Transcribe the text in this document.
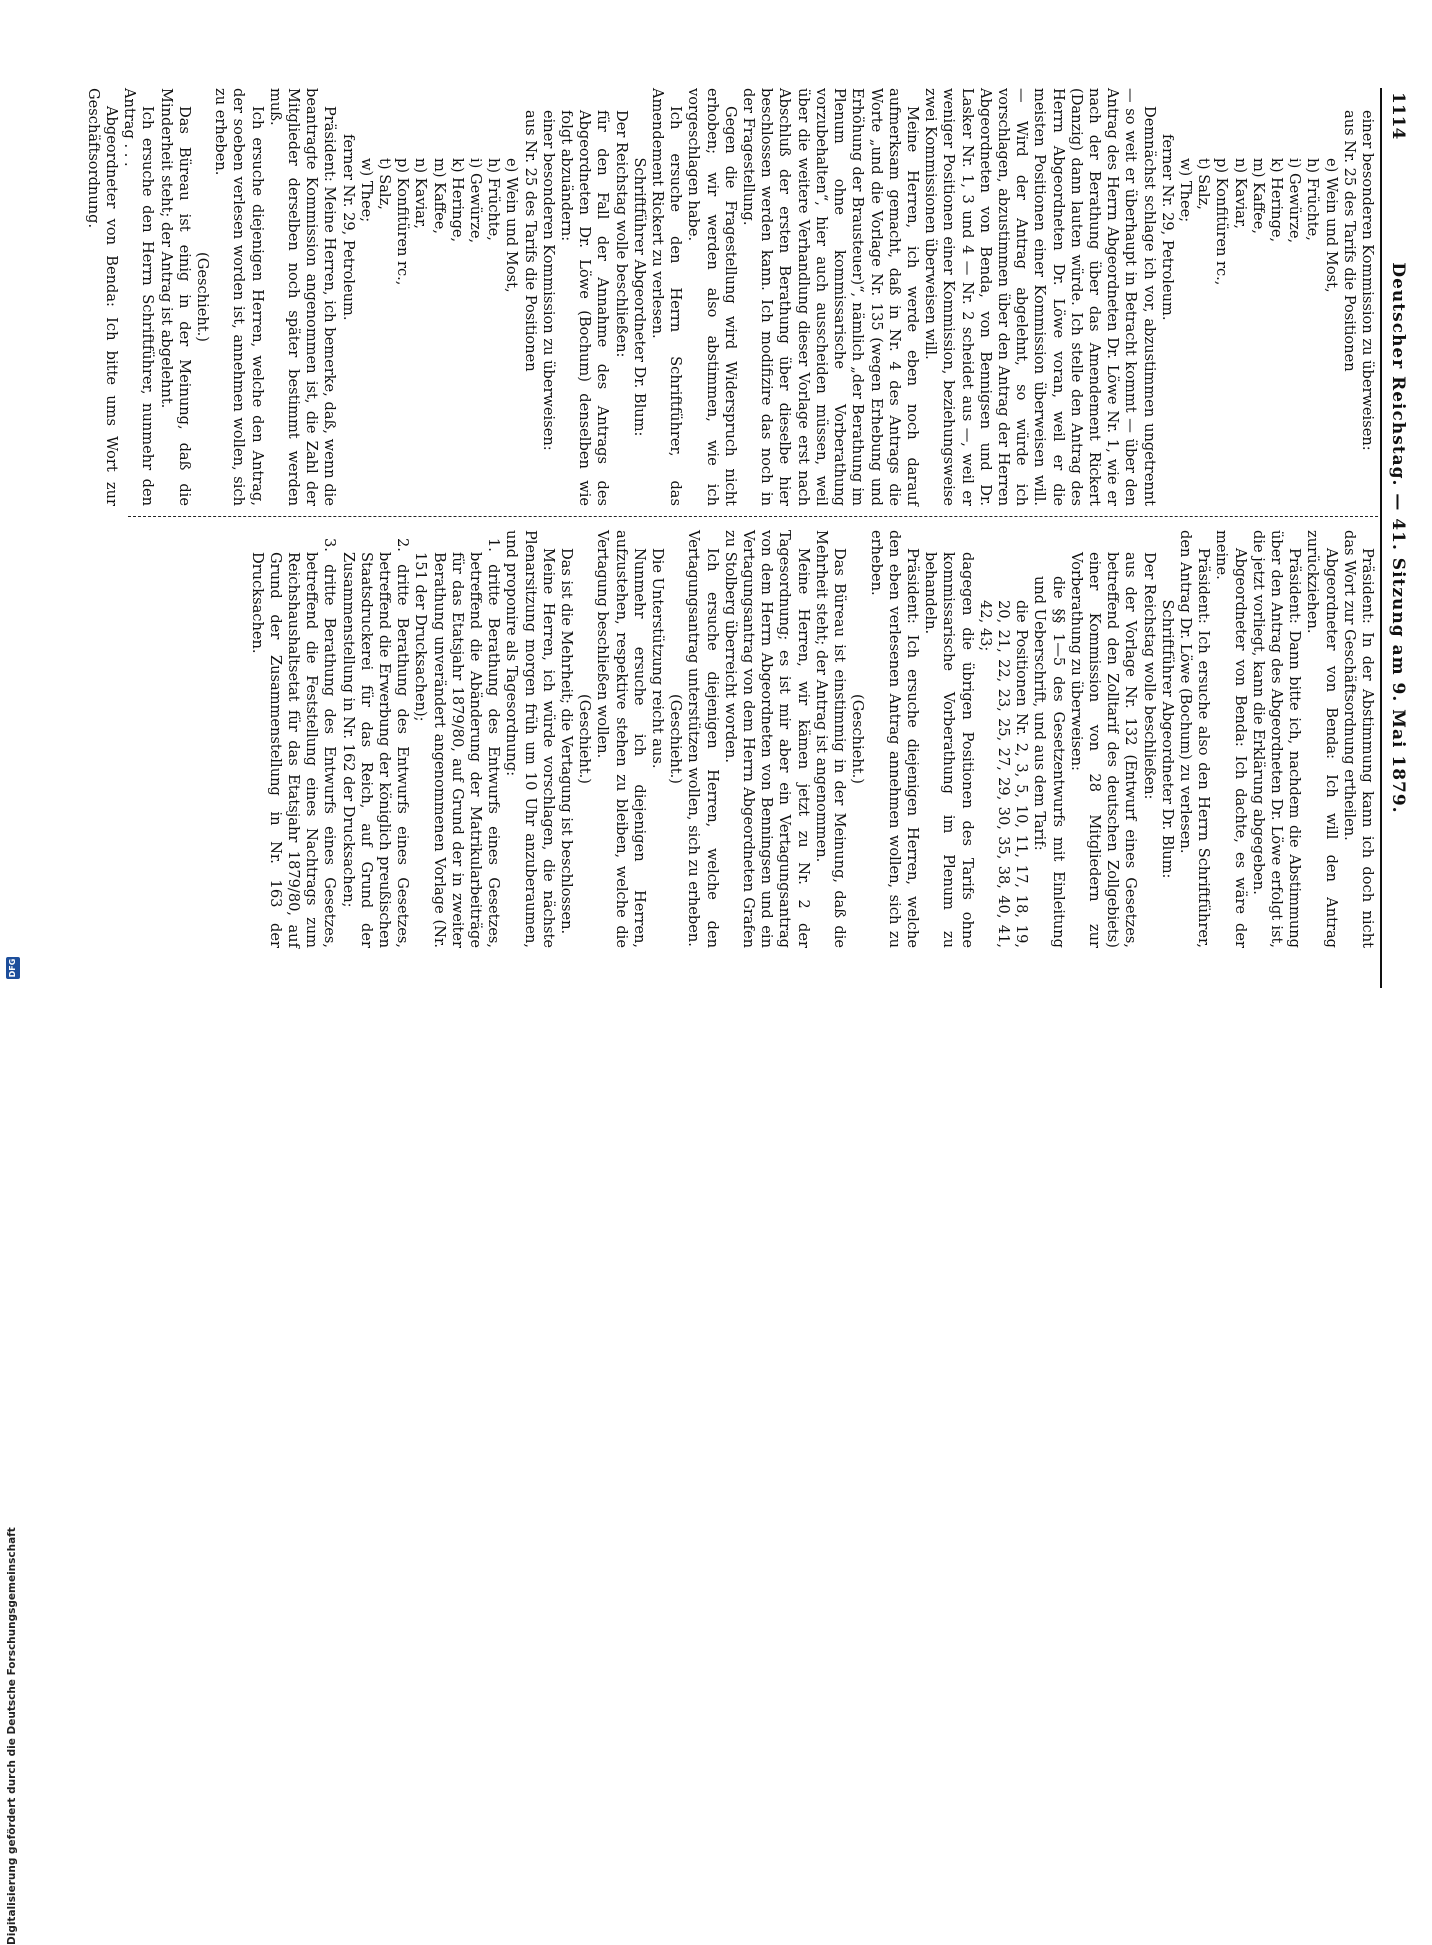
1114
Deutscher Reichstag. — 41. Sitzung am 9. Mai 1879.

einer besonderen Kommission zu überweisen:

aus Nr. 25 des Tarifs die Positionen

e) Wein und Most,

h) Früchte,

i) Gewürze,

k) Heringe,

m) Kaffee,

n) Kaviar,

p) Konfitüren rc.,

t) Salz,

w) Thee;

ferner Nr. 29, Petroleum.

Demnächst schlage ich vor, abzustimmen ungetrennt — so weit er überhaupt in Betracht kommt — über den Antrag des Herrn Abgeordneten Dr. Löwe Nr. 1, wie er nach der Berathung über das Amendement Rickert (Danzig) dann lauten würde. Ich stelle den Antrag des Herrn Abgeordneten Dr. Löwe voran, weil er die meisten Positionen einer Kommission überweisen will. — Wird der Antrag abgelehnt, so würde ich vorschlagen, abzustimmen über den Antrag der Herren Abgeordneten von Benda, von Bennigsen und Dr. Lasker Nr. 1, 3 und 4 — Nr. 2 scheidet aus —, weil er weniger Positionen einer Kommission, beziehungsweise zwei Kommissionen überweisen will.

Meine Herren, ich werde eben noch darauf aufmerksam gemacht, daß in Nr. 4 des Antrags die Worte „und die Vorlage Nr. 135 (wegen Erhebung und Erhöhung der Brausteuer)“, nämlich „der Berathung im Plenum ohne kommissarische Vorberathung vorzubehalten“, hier auch ausscheiden müssen, weil über die weitere Verhandlung dieser Vorlage erst nach Abschluß der ersten Berathung über dieselbe hier beschlossen werden kann. Ich modifizire das noch in der Fragestellung.

Gegen die Fragestellung wird Widerspruch nicht erhoben; wir werden also abstimmen, wie ich vorgeschlagen habe.

Ich ersuche den Herrn Schriftführer, das Amendement Rickert zu verlesen.

Schriftführer Abgeordneter Dr. Blum:

Der Reichstag wolle beschließen:

für den Fall der Annahme des Antrags des Abgeordneten Dr. Löwe (Bochum) denselben wie folgt abzuändern:

einer besonderen Kommission zu überweisen:

aus Nr. 25 des Tarifs die Positionen

e) Wein und Most,

h) Früchte,

i) Gewürze,

k) Heringe,

m) Kaffee,

n) Kaviar,

p) Konfitüren rc.,

t) Salz,

w) Thee;

ferner Nr. 29, Petroleum.

Präsident: Meine Herren, ich bemerke, daß, wenn die beantragte Kommission angenommen ist, die Zahl der Mitglieder derselben noch später bestimmt werden muß.

Ich ersuche diejenigen Herren, welche den Antrag, der soeben verlesen worden ist, annehmen wollen, sich zu erheben.

(Geschieht.)

Das Büreau ist einig in der Meinung, daß die Minderheit steht; der Antrag ist abgelehnt.

Ich ersuche den Herrn Schriftführer, nunmehr den Antrag . . .

Abgeordneter von Benda: Ich bitte ums Wort zur Geschäftsordnung.

Präsident: In der Abstimmung kann ich doch nicht das Wort zur Geschäftsordnung ertheilen.

Abgeordneter von Benda: Ich will den Antrag zurückziehen.

Präsident: Dann bitte ich, nachdem die Abstimmung über den Antrag des Abgeordneten Dr. Löwe erfolgt ist, die jetzt vorliegt, kann die Erklärung abgegeben.

Abgeordneter von Benda: Ich dachte, es wäre der meine.

Präsident: Ich ersuche also den Herrn Schriftführer, den Antrag Dr. Löwe (Bochum) zu verlesen.

Schriftführer Abgeordneter Dr. Blum:

Der Reichstag wolle beschließen:

aus der Vorlage Nr. 132 (Entwurf eines Gesetzes, betreffend den Zolltarif des deutschen Zollgebiets) einer Kommission von 28 Mitgliedern zur Vorberathung zu überweisen:

die §§ 1—5 des Gesetzentwurfs mit Einleitung und Ueberschrift, und aus dem Tarif:

die Positionen Nr. 2, 3, 5, 10, 11, 17, 18, 19, 20, 21, 22, 23, 25, 27, 29, 30, 35, 38, 40, 41, 42, 43;

dagegen die übrigen Positionen des Tarifs ohne kommissarische Vorberathung im Plenum zu behandeln.

Präsident: Ich ersuche diejenigen Herren, welche den eben verlesenen Antrag annehmen wollen, sich zu erheben.

(Geschieht.)

Das Büreau ist einstimmig in der Meinung, daß die Mehrheit steht; der Antrag ist angenommen.

Meine Herren, wir kämen jetzt zu Nr. 2 der Tagesordnung; es ist mir aber ein Vertagungsantrag von dem Herrn Abgeordneten von Benningsen und ein Vertagungsantrag von dem Herrn Abgeordneten Grafen zu Stolberg überreicht worden.

Ich ersuche diejenigen Herren, welche den Vertagungsantrag unterstützen wollen, sich zu erheben.

(Geschieht.)

Die Unterstützung reicht aus.

Nunmehr ersuche ich diejenigen Herren, aufzustehen, respektive stehen zu bleiben, welche die Vertagung beschließen wollen.

(Geschieht.)

Das ist die Mehrheit; die Vertagung ist beschlossen.

Meine Herren, ich würde vorschlagen, die nächste Plenarsitzung morgen früh um 10 Uhr anzuberaumen, und proponire als Tagesordnung:

1. dritte Berathung des Entwurfs eines Gesetzes, betreffend die Abänderung der Matrikularbeiträge für das Etatsjahr 1879/80, auf Grund der in zweiter Berathung unverändert angenommenen Vorlage (Nr. 151 der Drucksachen);

2. dritte Berathung des Entwurfs eines Gesetzes, betreffend die Erwerbung der königlich preußischen Staatsdruckerei für das Reich, auf Grund der Zusammenstellung in Nr. 162 der Drucksachen;

3. dritte Berathung des Entwurfs eines Gesetzes, betreffend die Feststellung eines Nachtrags zum Reichshaushaltsetat für das Etatsjahr 1879/80, auf Grund der Zusammenstellung in Nr. 163 der Drucksachen.

Digitalisierung gefördert durch die Deutsche Forschungsgemeinschaft
DFG
